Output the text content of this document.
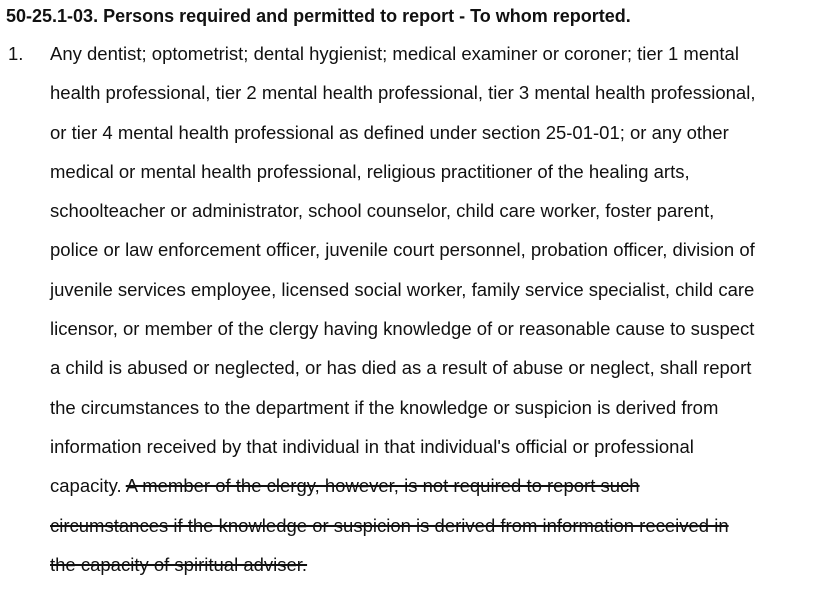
50-25.1-03. Persons required and permitted to report - To whom reported.
1. Any dentist; optometrist; dental hygienist; medical examiner or coroner; tier 1 mental
health professional, tier 2 mental health professional, tier 3 mental health professional,
or tier 4 mental health professional as defined under section 25-01-01; or any other
medical or mental health professional, religious practitioner of the healing arts,
schoolteacher or administrator, school counselor, child care worker, foster parent,
police or law enforcement officer, juvenile court personnel, probation officer, division of
juvenile services employee, licensed social worker, family service specialist, child care
licensor, or member of the clergy having knowledge of or reasonable cause to suspect
a child is abused or neglected, or has died as a result of abuse or neglect, shall report
the circumstances to the department if the knowledge or suspicion is derived from
information received by that individual in that individual's official or professional
capacity. A member of the clergy, however, is not required to report such
circumstances if the knowledge or suspicion is derived from information received in
the capacity of spiritual adviser.
